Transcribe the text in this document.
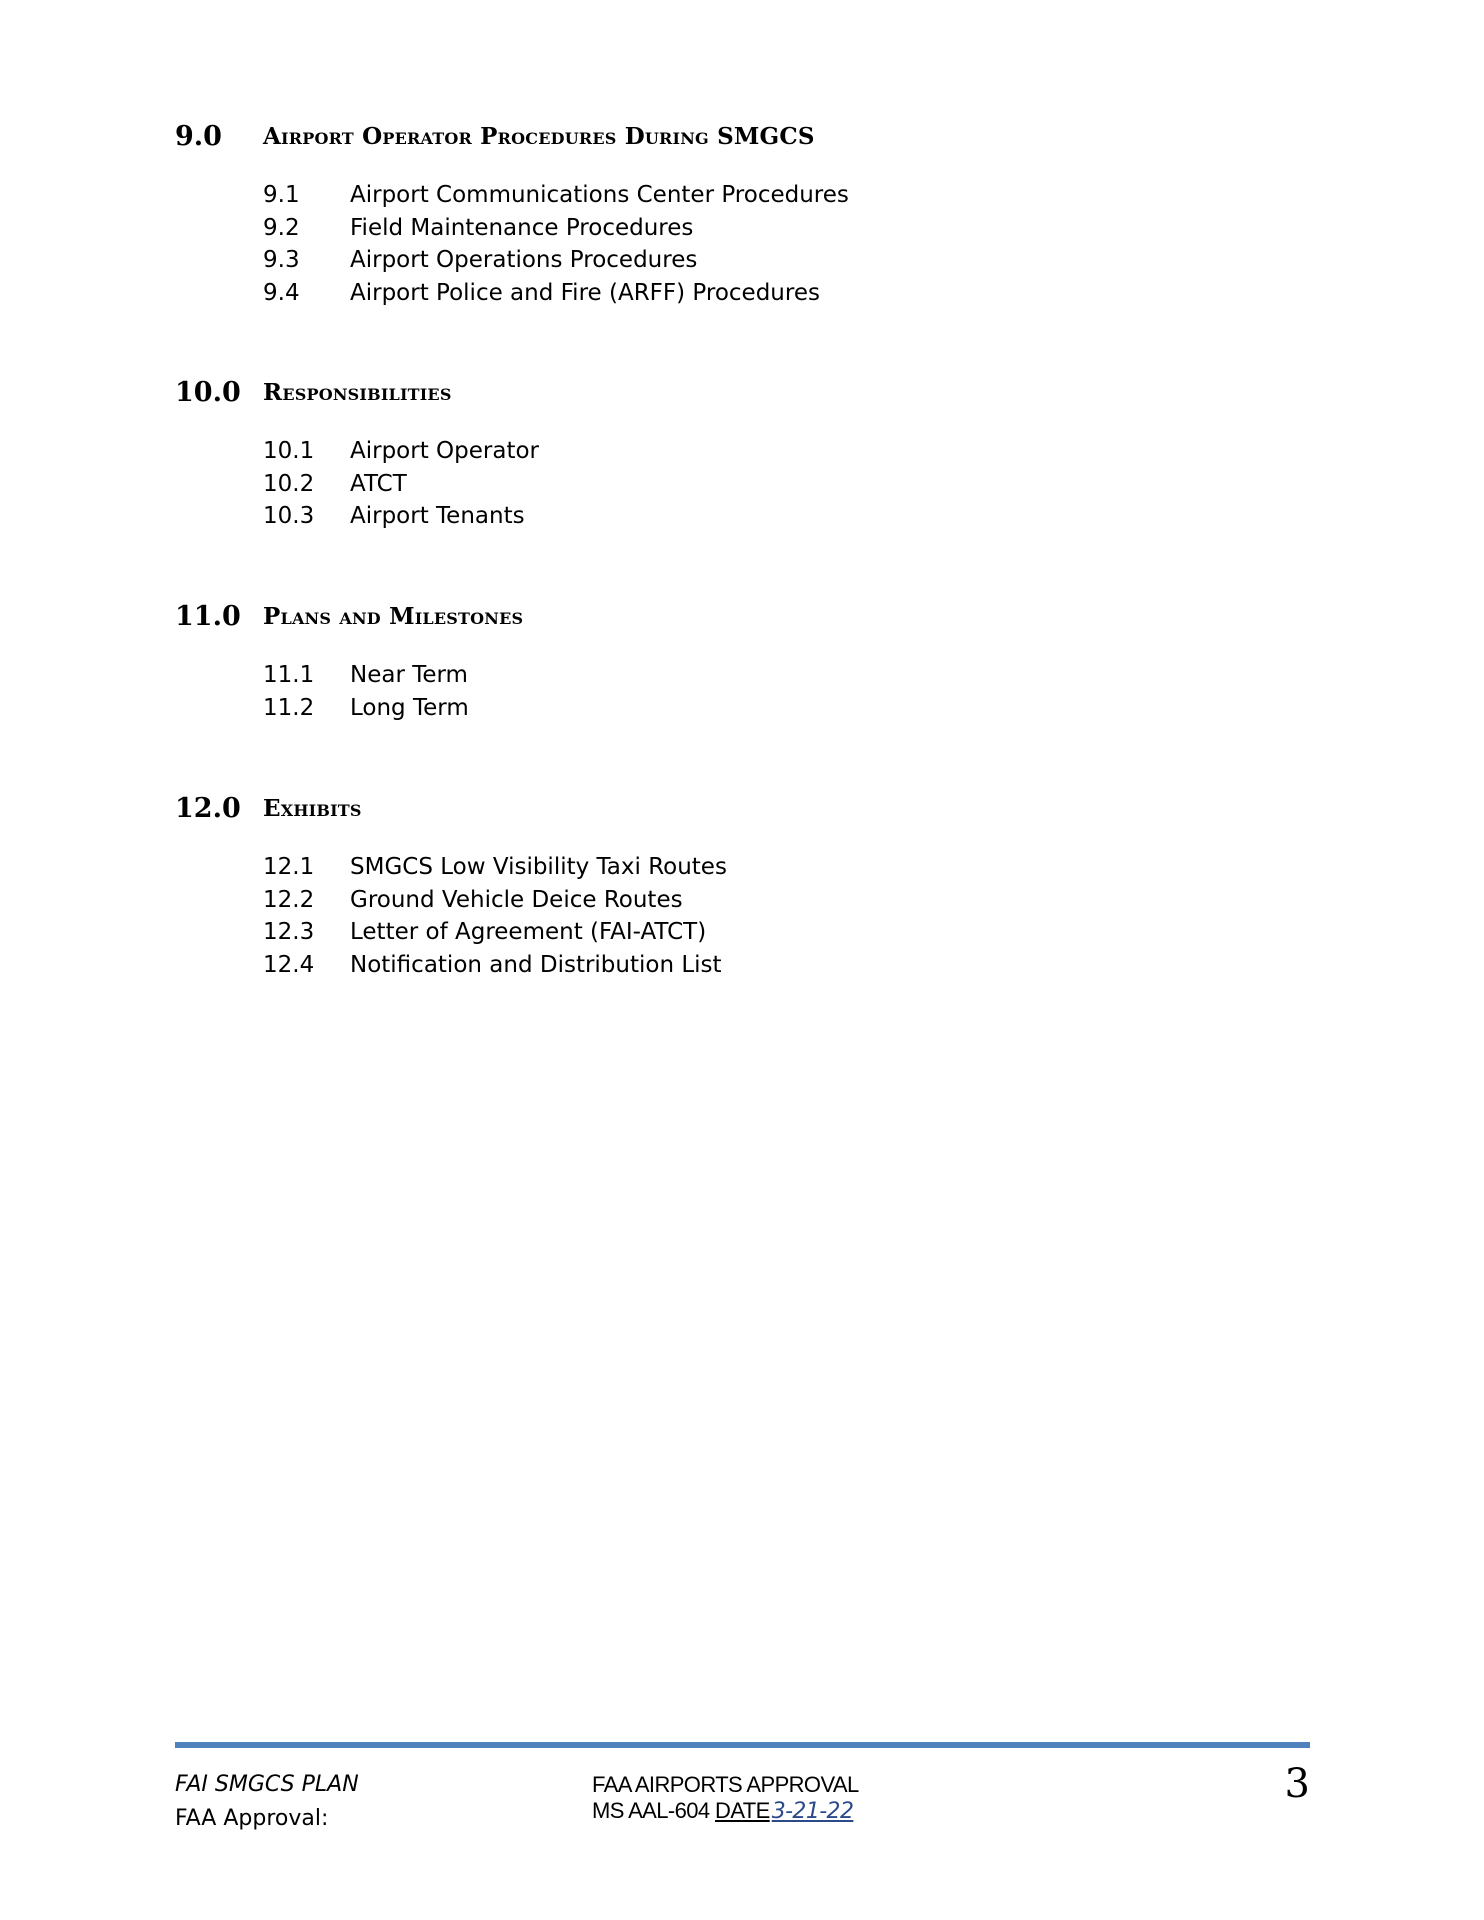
9.0 Airport Operator Procedures During SMGCS
9.1 Airport Communications Center Procedures
9.2 Field Maintenance Procedures
9.3 Airport Operations Procedures
9.4 Airport Police and Fire (ARFF) Procedures
10.0 Responsibilities
10.1 Airport Operator
10.2 ATCT
10.3 Airport Tenants
11.0 Plans and Milestones
11.1 Near Term
11.2 Long Term
12.0 Exhibits
12.1 SMGCS Low Visibility Taxi Routes
12.2 Ground Vehicle Deice Routes
12.3 Letter of Agreement (FAI-ATCT)
12.4 Notification and Distribution List
FAI SMGCS PLAN
FAA Approval:
FAA AIRPORTS APPROVAL
MS AAL-604 DATE3-21-22
3
